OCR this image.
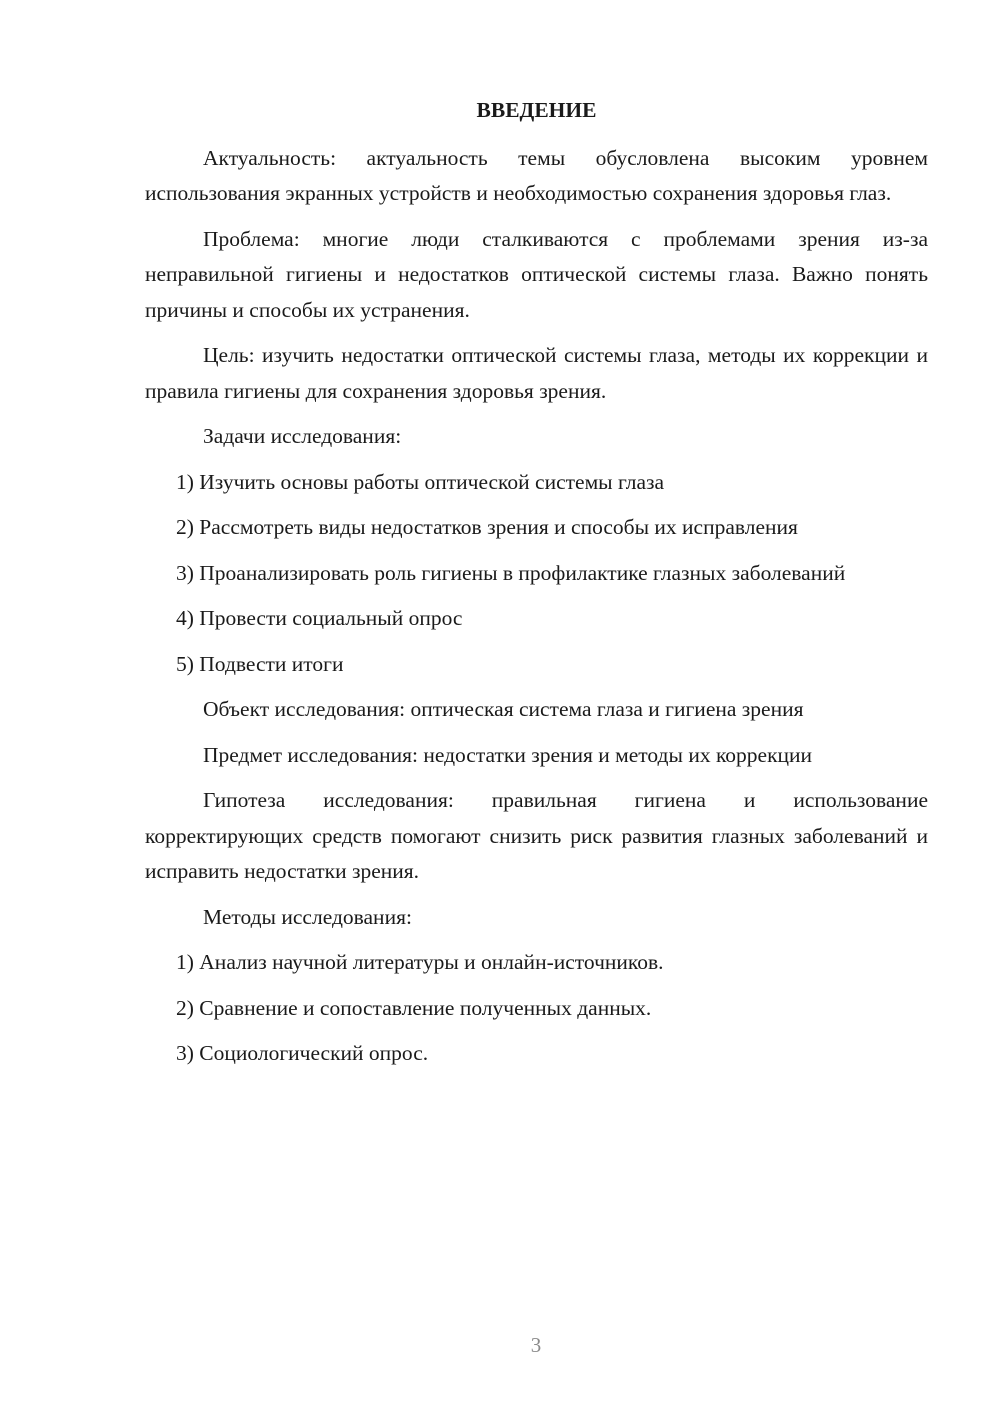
ВВЕДЕНИЕ

Актуальность: актуальность темы обусловлена высоким уровнем использования экранных устройств и необходимостью сохранения здоровья глаз.

Проблема: многие люди сталкиваются с проблемами зрения из-за неправильной гигиены и недостатков оптической системы глаза. Важно понять причины и способы их устранения.

Цель: изучить недостатки оптической системы глаза, методы их коррекции и правила гигиены для сохранения здоровья зрения.

Задачи исследования:

1) Изучить основы работы оптической системы глаза

2) Рассмотреть виды недостатков зрения и способы их исправления

3) Проанализировать роль гигиены в профилактике глазных заболеваний

4) Провести социальный опрос

5) Подвести итоги

Объект исследования: оптическая система глаза и гигиена зрения

Предмет исследования: недостатки зрения и методы их коррекции

Гипотеза исследования: правильная гигиена и использование корректирующих средств помогают снизить риск развития глазных заболеваний и исправить недостатки зрения.

Методы исследования:

1) Анализ научной литературы и онлайн-источников.

2) Сравнение и сопоставление полученных данных.

3) Социологический опрос.

3
